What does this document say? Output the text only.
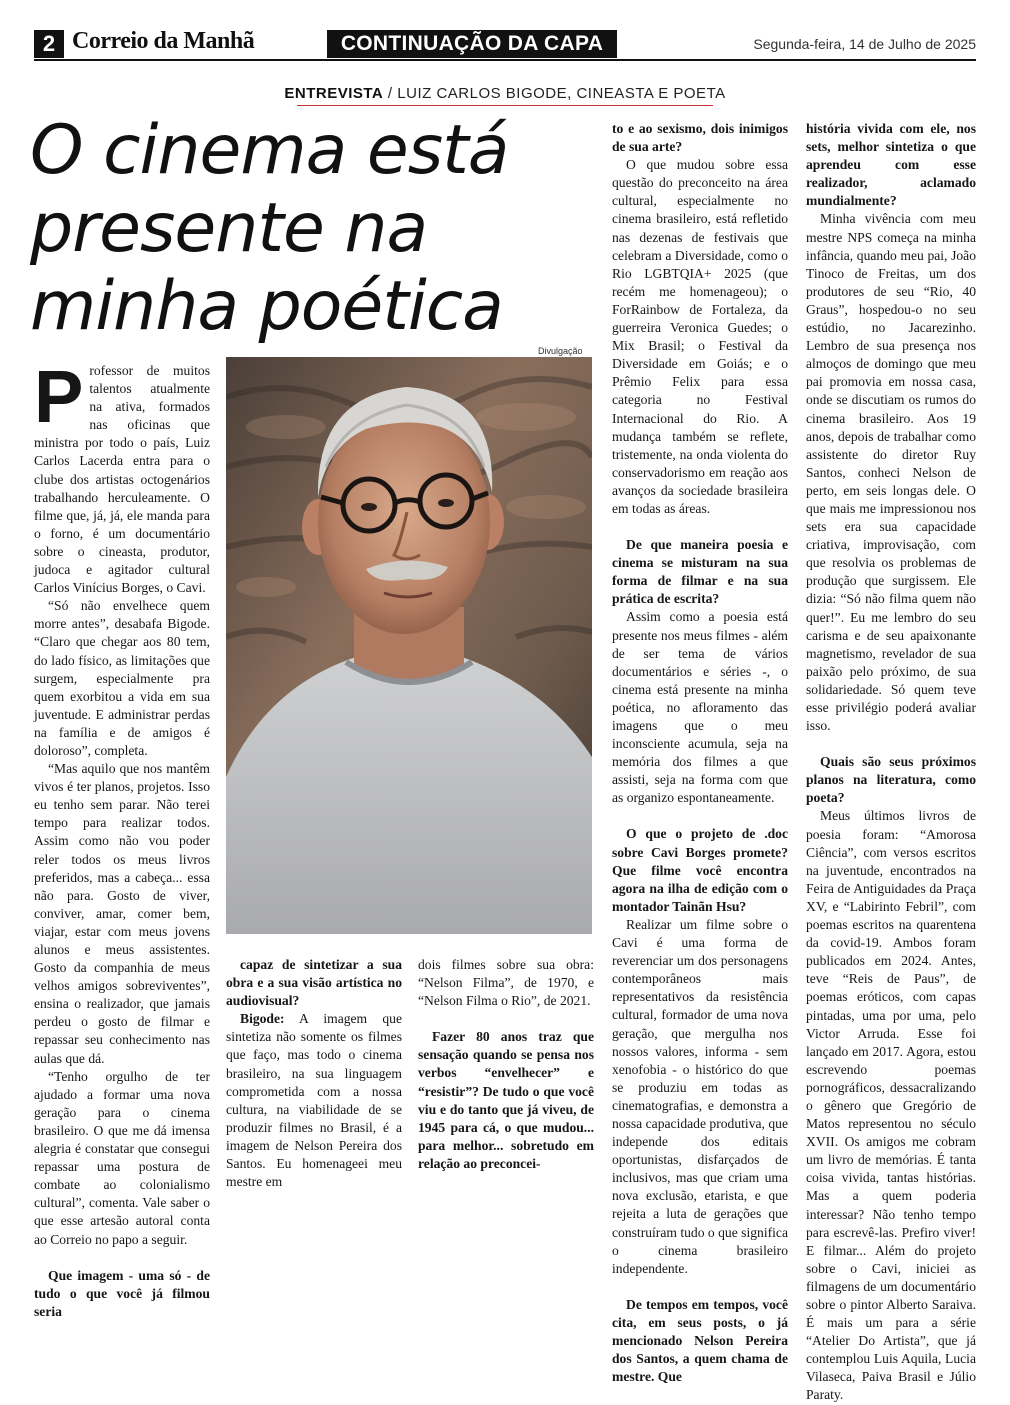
2 Correio da Manhã	CONTINUAÇÃO DA CAPA	Segunda-feira, 14 de Julho de 2025
ENTREVISTA / LUIZ CARLOS BIGODE, CINEASTA E POETA
O cinema está
presente na
minha poética
Divulgação

Professor de muitos talentos atualmente na ativa, formados nas oficinas que ministra por todo o país, Luiz Carlos Lacerda entra para o clube dos artistas octogenários trabalhando herculeamente. O filme que, já, já, ele manda para o forno, é um documentário sobre o cineasta, produtor, judoca e agitador cultural Carlos Vinícius Borges, o Cavi.

“Só não envelhece quem morre antes”, desabafa Bigode. “Claro que chegar aos 80 tem, do lado físico, as limitações que surgem, especialmente pra quem exorbitou a vida em sua juventude. E administrar perdas na família e de amigos é doloroso”, completa.

“Mas aquilo que nos mantêm vivos é ter planos, projetos. Isso eu tenho sem parar. Não terei tempo para realizar todos. Assim como não vou poder reler todos os meus livros preferidos, mas a cabeça... essa não para. Gosto de viver, conviver, amar, comer bem, viajar, estar com meus jovens alunos e meus assistentes. Gosto da companhia de meus velhos amigos sobreviventes”, ensina o realizador, que jamais perdeu o gosto de filmar e repassar seu conhecimento nas aulas que dá.

“Tenho orgulho de ter ajudado a formar uma nova geração para o cinema brasileiro. O que me dá imensa alegria é constatar que consegui repassar uma postura de combate ao colonialismo cultural”, comenta. Vale saber o que esse artesão autoral conta ao Correio no papo a seguir.

Que imagem - uma só - de tudo o que você já filmou seria

capaz de sintetizar a sua obra e a sua visão artística no audiovisual?

Bigode: A imagem que sintetiza não somente os filmes que faço, mas todo o cinema brasileiro, na sua linguagem comprometida com a nossa cultura, na viabilidade de se produzir filmes no Brasil, é a imagem de Nelson Pereira dos Santos. Eu homenageei meu mestre em

dois filmes sobre sua obra: “Nelson Filma”, de 1970, e “Nelson Filma o Rio”, de 2021.

Fazer 80 anos traz que sensação quando se pensa nos verbos “envelhecer” e “resistir”? De tudo o que você viu e do tanto que já viveu, de 1945 para cá, o que mudou... para melhor... sobretudo em relação ao preconcei-

to e ao sexismo, dois inimigos de sua arte?

O que mudou sobre essa questão do preconceito na área cultural, especialmente no cinema brasileiro, está refletido nas dezenas de festivais que celebram a Diversidade, como o Rio LGBTQIA+ 2025 (que recém me homenageou); o ForRainbow de Fortaleza, da guerreira Veronica Guedes; o Mix Brasil; o Festival da Diversidade em Goiás; e o Prêmio Felix para essa categoria no Festival Internacional do Rio. A mudança também se reflete, tristemente, na onda violenta do conservadorismo em reação aos avanços da sociedade brasileira em todas as áreas.

De que maneira poesia e cinema se misturam na sua forma de filmar e na sua prática de escrita?

Assim como a poesia está presente nos meus filmes - além de ser tema de vários documentários e séries -, o cinema está presente na minha poética, no afloramento das imagens que o meu inconsciente acumula, seja na memória dos filmes a que assisti, seja na forma com que as organizo espontaneamente.

O que o projeto de .doc sobre Cavi Borges promete? Que filme você encontra agora na ilha de edição com o montador Tainãn Hsu?

Realizar um filme sobre o Cavi é uma forma de reverenciar um dos personagens contemporâneos mais representativos da resistência cultural, formador de uma nova geração, que mergulha nos nossos valores, informa - sem xenofobia - o histórico do que se produziu em todas as cinematografias, e demonstra a nossa capacidade produtiva, que independe dos editais oportunistas, disfarçados de inclusivos, mas que criam uma nova exclusão, etarista, e que rejeita a luta de gerações que construíram tudo o que significa o cinema brasileiro independente.

De tempos em tempos, você cita, em seus posts, o já mencionado Nelson Pereira dos Santos, a quem chama de mestre. Que

história vivida com ele, nos sets, melhor sintetiza o que aprendeu com esse realizador, aclamado mundialmente?

Minha vivência com meu mestre NPS começa na minha infância, quando meu pai, João Tinoco de Freitas, um dos produtores de seu “Rio, 40 Graus”, hospedou-o no seu estúdio, no Jacarezinho. Lembro de sua presença nos almoços de domingo que meu pai promovia em nossa casa, onde se discutiam os rumos do cinema brasileiro. Aos 19 anos, depois de trabalhar como assistente do diretor Ruy Santos, conheci Nelson de perto, em seis longas dele. O que mais me impressionou nos sets era sua capacidade criativa, improvisação, com que resolvia os problemas de produção que surgissem. Ele dizia: “Só não filma quem não quer!”. Eu me lembro do seu carisma e de seu apaixonante magnetismo, revelador de sua paixão pelo próximo, de sua solidariedade. Só quem teve esse privilégio poderá avaliar isso.

Quais são seus próximos planos na literatura, como poeta?

Meus últimos livros de poesia foram: “Amorosa Ciência”, com versos escritos na juventude, encontrados na Feira de Antiguidades da Praça XV, e “Labirinto Febril”, com poemas escritos na quarentena da covid-19. Ambos foram publicados em 2024. Antes, teve “Reis de Paus”, de poemas eróticos, com capas pintadas, uma por uma, pelo Victor Arruda. Esse foi lançado em 2017. Agora, estou escrevendo poemas pornográficos, dessacralizando o gênero que Gregório de Matos representou no século XVII. Os amigos me cobram um livro de memórias. É tanta coisa vivida, tantas histórias. Mas a quem poderia interessar? Não tenho tempo para escrevê-las. Prefiro viver! E filmar... Além do projeto sobre o Cavi, iniciei as filmagens de um documentário sobre o pintor Alberto Saraiva. É mais um para a série “Atelier Do Artista”, que já contemplou Luis Aquila, Lucia Vilaseca, Paiva Brasil e Júlio Paraty.
